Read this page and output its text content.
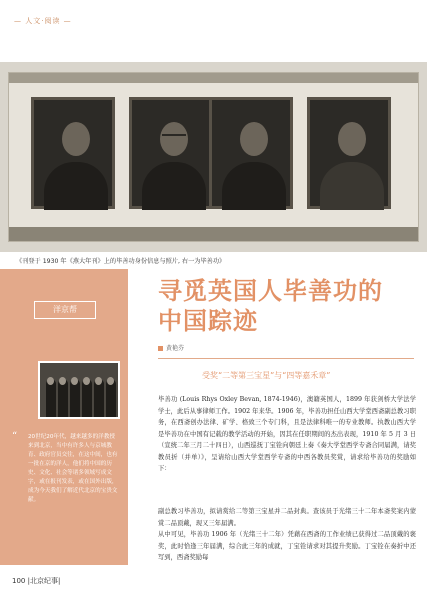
— 人文·阅读 —
《刊登于 1930 年《燕大年刊》上的毕善功身份信息与照片, 右一为毕善功》
洋京帮
“ 20世纪20年代，越来越多的洋教授来到北京，当中有许多人与京城教育、政府官员交往，在这中间，也有一批在京的洋人，他们将中国的历史、文化、社会等诸多领域写成文字，或在报刊发表，或在国外出版，成为今天我们了解近代北京的宝贵文献。
寻觅英国人毕善功的
中国踪迹
黄艳芬
受奖“二等第三宝星”与“四等嘉禾章”
毕善功 (Louis Rhys Oxley Bevan, 1874-1946)，澳籍英国人，1899 年获剑桥大学法学学士，此后从事律师工作。1902 年来华。1906 年，毕善功担任山西大学堂西斋副总教习职务，在西斋创办法律、矿学、格致三个专门科，且是法律科唯一的专业教师。执教山西大学是毕善功在中国有记载的教学活动的开始，因其在任职期间的杰出表现，1910 年 5 月 3 日（宣统二年三月二十四日），山西巡抚丁宝铨向朝廷上奏《奏大学堂西学专斋合同届满，请奖教员折（并单）》，呈请给山西大学堂西学专斋的中西各教员奖赏，请求给毕善功的奖励如下：
副总教习毕善功，拟请赏给二等第三宝星并二品封典。查该员于光绪三十二年本斋奖案内蒙赏二品顶戴，现又三年届满。
从中可见，毕善功 1906 年（光绪三十二年）凭藉在西斋的工作业绩已获得过二品顶戴的褒奖，此时恰逢三年届满，综合此三年的成就，丁宝铨请求对其提升奖励。丁宝铨在奏折中还写到，西斋奖励每
100 |北京纪事|
